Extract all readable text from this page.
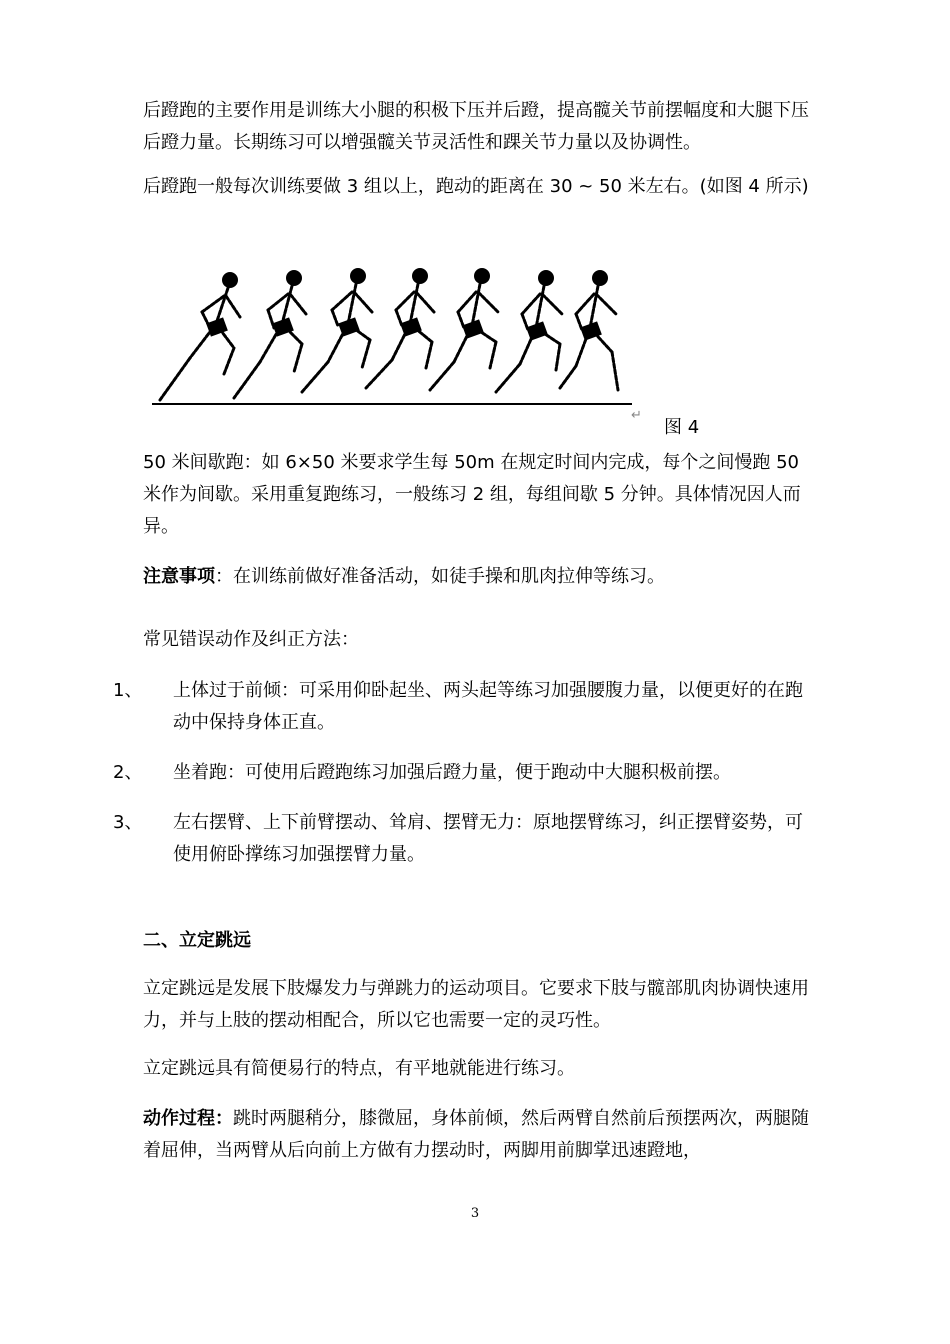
后蹬跑的主要作用是训练大小腿的积极下压并后蹬，提高髋关节前摆幅度和大腿下压后蹬力量。长期练习可以增强髋关节灵活性和踝关节力量以及协调性。

后蹬跑一般每次训练要做 3 组以上，跑动的距离在 30 ~ 50 米左右。(如图 4 所示)

↵
图 4

50 米间歇跑：如 6×50 米要求学生每 50m 在规定时间内完成，每个之间慢跑 50 米作为间歇。采用重复跑练习，一般练习 2 组，每组间歇 5 分钟。具体情况因人而异。

注意事项：在训练前做好准备活动，如徒手操和肌肉拉伸等练习。

常见错误动作及纠正方法：

1、 上体过于前倾：可采用仰卧起坐、两头起等练习加强腰腹力量，以便更好的在跑动中保持身体正直。
2、 坐着跑：可使用后蹬跑练习加强后蹬力量，便于跑动中大腿积极前摆。
3、 左右摆臂、上下前臂摆动、耸肩、摆臂无力：原地摆臂练习，纠正摆臂姿势，可使用俯卧撑练习加强摆臂力量。

二、立定跳远

立定跳远是发展下肢爆发力与弹跳力的运动项目。它要求下肢与髋部肌肉协调快速用力，并与上肢的摆动相配合，所以它也需要一定的灵巧性。

立定跳远具有简便易行的特点，有平地就能进行练习。

动作过程：跳时两腿稍分，膝微屈，身体前倾，然后两臂自然前后预摆两次，两腿随着屈伸，当两臂从后向前上方做有力摆动时，两脚用前脚掌迅速蹬地，

3
